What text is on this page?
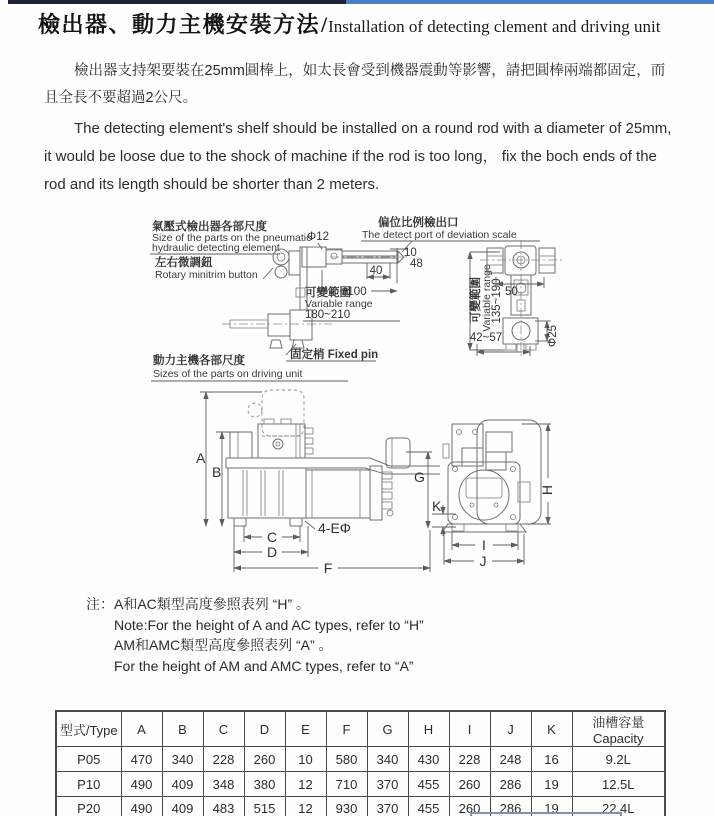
檢出器、動力主機安裝方法/Installation of detecting clement and driving unit

檢出器支持架要裝在25mm圓棒上，如太長會受到機器震動等影響，請把圓棒兩端都固定，而且全長不要超過2公尺。

The detecting element's shelf should be installed on a round rod with a diameter of 25mm, it would be loose due to the shock of machine if the rod is too long， fix the boch ends of the rod and its length should be shorter than 2 meters.

氣壓式檢出器各部尺度
Size of the parts on the pneumatic
hydraulic detecting element
左右微調鈕
Rotary minitrim button
Φ12
偏位比例檢出口
The detect port of deviation scale
固定梢 Fixed pin
10
48
40
100
可變範圍
Variable range
180~210	可變範圍 Variable range
135~190 50
42~57	Φ25
動力主機各部尺度
Sizes of the parts on driving unit
A
B
C
D
F
G
4-EΦ
H
K
I
J
注：A和AC類型高度參照表列 “H” 。
Note:For the height of A and AC types, refer to “H”
AM和AMC類型高度參照表列 “A” 。
For the height of AM and AMC types, refer to “A”
型式/Type	A	B	C	D	E	F	G	H	I	J	K	油槽容量 Capacity
P05	470	340	228	260	10	580	340	430	228	248	16	9.2L
P10	490	409	348	380	12	710	370	455	260	286	19	12.5L
P20	490	409	483	515	12	930	370	455	260	286	19	22.4L
